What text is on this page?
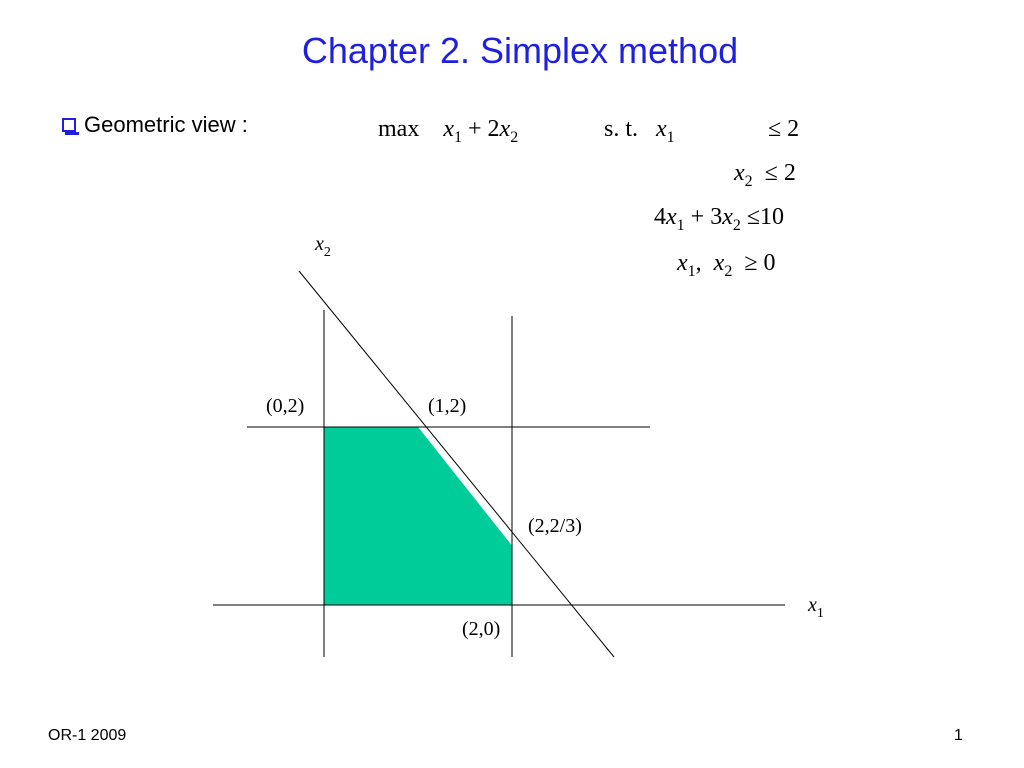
Chapter 2. Simplex method
Geometric view :	$\max x_1 + 2x_2$	s. t. $x_1$	≤ 2
$x_2 \le 2$
$4x_1 + 3x_2 \le 10$
$x_1$, $x_2 \ge 0$
$x_2$
$x_1$
(0,2)	(1,2)
(2,2/3)
(2,0)
OR-1 2009	1
